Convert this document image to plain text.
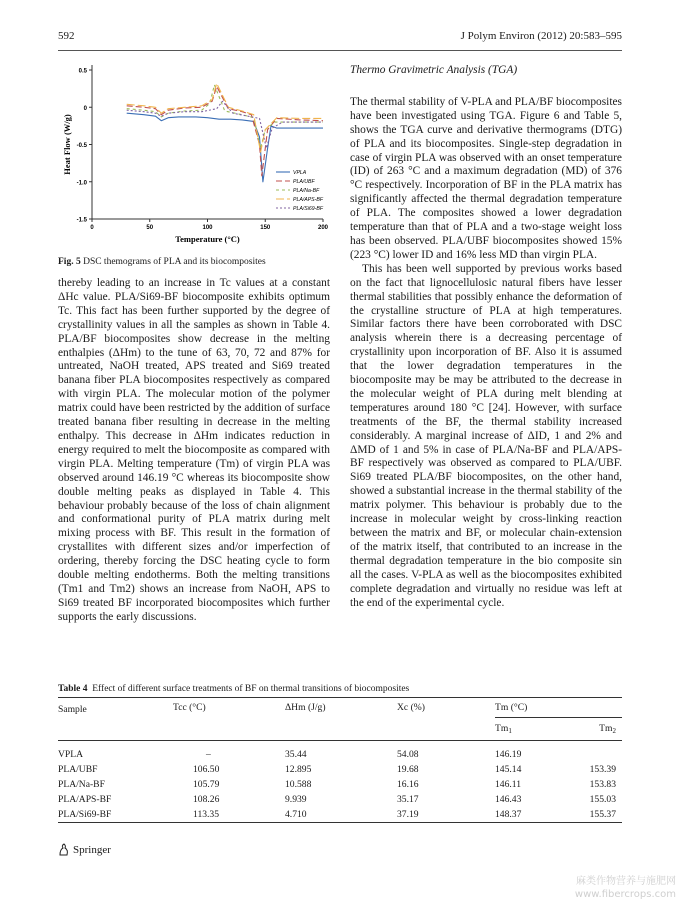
592	J Polym Environ (2012) 20:583–595
0.5
0
-0.5
-1.0
-1.5
0	50	100	150	200
Temperature (°C)
Heat Flow (W/g)	VPLA
PLA/UBF
PLA/Na-BF
PLA/APS-BF
PLA/Si69-BF
Fig. 5 DSC themograms of PLA and its biocomposites

thereby leading to an increase in Tc values at a constant ΔHc value. PLA/Si69-BF biocomposite exhibits optimum Tc. This fact has been further supported by the degree of crystallinity values in all the samples as shown in Table 4. PLA/BF biocomposites show decrease in the melting enthalpies (ΔHm) to the tune of 63, 70, 72 and 87% for untreated, NaOH treated, APS treated and Si69 treated banana fiber PLA biocomposites respectively as compared with virgin PLA. The molecular motion of the polymer matrix could have been restricted by the addition of surface treated banana fiber resulting in decrease in the melting enthalpy. This decrease in ΔHm indicates reduction in energy required to melt the biocomposite as compared with virgin PLA. Melting temperature (Tm) of virgin PLA was observed around 146.19 °C whereas its biocomposite show double melting peaks as displayed in Table 4. This behaviour probably because of the loss of chain alignment and conformational purity of PLA matrix during melt mixing process with BF. This result in the formation of crystallites with different sizes and/or imperfection of ordering, thereby forcing the DSC heating cycle to form double melting endotherms. Both the melting transitions (Tm1 and Tm2) shows an increase from NaOH, APS to Si69 treated BF incorporated biocomposites which further supports the early discussions.

Thermo Gravimetric Analysis (TGA)

The thermal stability of V-PLA and PLA/BF biocomposites have been investigated using TGA. Figure 6 and Table 5, shows the TGA curve and derivative thermograms (DTG) of PLA and its biocomposites. Single-step degradation in case of virgin PLA was observed with an onset temperature (ID) of 263 °C and a maximum degradation (MD) of 376 °C respectively. Incorporation of BF in the PLA matrix has significantly affected the thermal degradation temperature of PLA. The composites showed a lower degradation temperature than that of PLA and a two-stage weight loss has been observed. PLA/UBF biocomposites showed 15% (223 °C) lower ID and 16% less MD than virgin PLA.

This has been well supported by previous works based on the fact that lignocellulosic natural fibers have lesser thermal stabilities that possibly enhance the deformation of the crystalline structure of PLA at high temperatures. Similar factors there have been corroborated with DSC analysis wherein there is a decreasing percentage of crystallinity upon incorporation of BF. Also it is assumed that the lower degradation temperatures in the biocomposite may be may be attributed to the decrease in the molecular weight of PLA during melt blending at temperatures around 180 °C [24]. However, with surface treatments of the BF, the thermal stability increased considerably. A marginal increase of ΔID, 1 and 2% and ΔMD of 1 and 5% in case of PLA/Na-BF and PLA/APS-BF respectively was observed as compared to PLA/UBF. Si69 treated PLA/BF biocomposites, on the other hand, showed a substantial increase in the thermal stability of the matrix polymer. This behaviour is probably due to the increase in molecular weight by cross-linking reaction between the matrix and BF, or molecular chain-extension of the matrix itself, that contributed to an increase in the thermal degradation temperature in the bio composite sin all the cases. V-PLA as well as the biocomposites exhibited complete degradation and virtually no residue was left at the end of the experimental cycle.

Table 4 Effect of different surface treatments of BF on thermal transitions of biocomposites
Sample	Tcc (°C)	ΔHm (J/g)	Xc (%)	Tm (°C)	
				$Tm_1$	$Tm_2$
VPLA	–	35.44	54.08	146.19	
PLA/UBF	106.50	12.895	19.68	145.14	153.39
PLA/Na-BF	105.79	10.588	16.16	146.11	153.83
PLA/APS-BF	108.26	9.939	35.17	146.43	155.03
PLA/Si69-BF	113.35	4.710	37.19	148.37	155.37
Springer
麻类作物营养与施肥网
www.fibercrops.com
